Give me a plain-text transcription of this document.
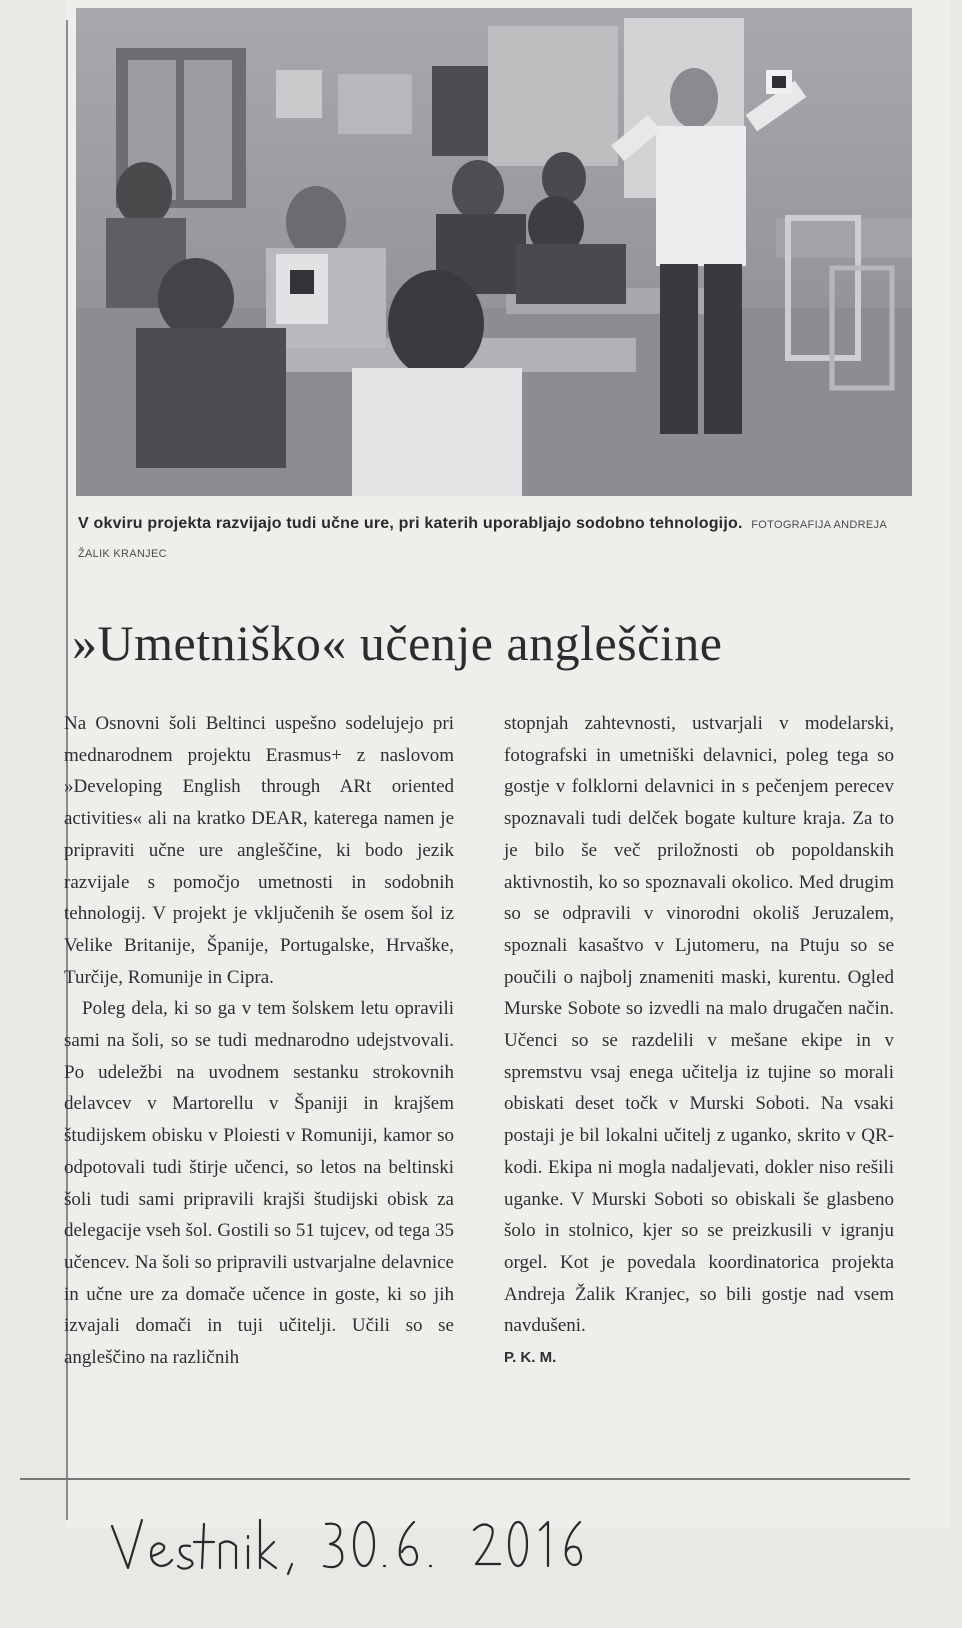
V okviru projekta razvijajo tudi učne ure, pri katerih uporabljajo sodobno tehnologijo. FOTOGRAFIJA ANDREJA ŽALIK KRANJEC
»Umetniško« učenje angleščine

Na Osnovni šoli Beltinci uspešno sodelujejo pri mednarodnem projektu Erasmus+ z naslovom »Developing English through ARt oriented activities« ali na kratko DEAR, katerega namen je pripraviti učne ure angleščine, ki bodo jezik razvijale s pomočjo umetnosti in sodobnih tehnologij. V projekt je vključenih še osem šol iz Velike Britanije, Španije, Portugalske, Hrvaške, Turčije, Romunije in Cipra.

Poleg dela, ki so ga v tem šolskem letu opravili sami na šoli, so se tudi mednarodno udejstvovali. Po udeležbi na uvodnem sestanku strokovnih delavcev v Martorellu v Španiji in krajšem študijskem obisku v Ploiesti v Romuniji, kamor so odpotovali tudi štirje učenci, so letos na beltinski šoli tudi sami pripravili krajši študijski obisk za delegacije vseh šol. Gostili so 51 tujcev, od tega 35 učencev. Na šoli so pripravili ustvarjalne delavnice in učne ure za domače učence in goste, ki so jih izvajali domači in tuji učitelji. Učili so se angleščino na različnih

stopnjah zahtevnosti, ustvarjali v modelarski, fotografski in umetniški delavnici, poleg tega so gostje v folklorni delavnici in s pečenjem perecev spoznavali tudi delček bogate kulture kraja. Za to je bilo še več priložnosti ob popoldanskih aktivnostih, ko so spoznavali okolico. Med drugim so se odpravili v vinorodni okoliš Jeruzalem, spoznali kasaštvo v Ljutomeru, na Ptuju so se poučili o najbolj znameniti maski, kurentu. Ogled Murske Sobote so izvedli na malo drugačen način. Učenci so se razdelili v mešane ekipe in v spremstvu vsaj enega učitelja iz tujine so morali obiskati deset točk v Murski Soboti. Na vsaki postaji je bil lokalni učitelj z uganko, skrito v QR-kodi. Ekipa ni mogla nadaljevati, dokler niso rešili uganke. V Murski Soboti so obiskali še glasbeno šolo in stolnico, kjer so se preizkusili v igranju orgel. Kot je povedala koordinatorica projekta Andreja Žalik Kranjec, so bili gostje nad vsem navdušeni.

P. K. M.
